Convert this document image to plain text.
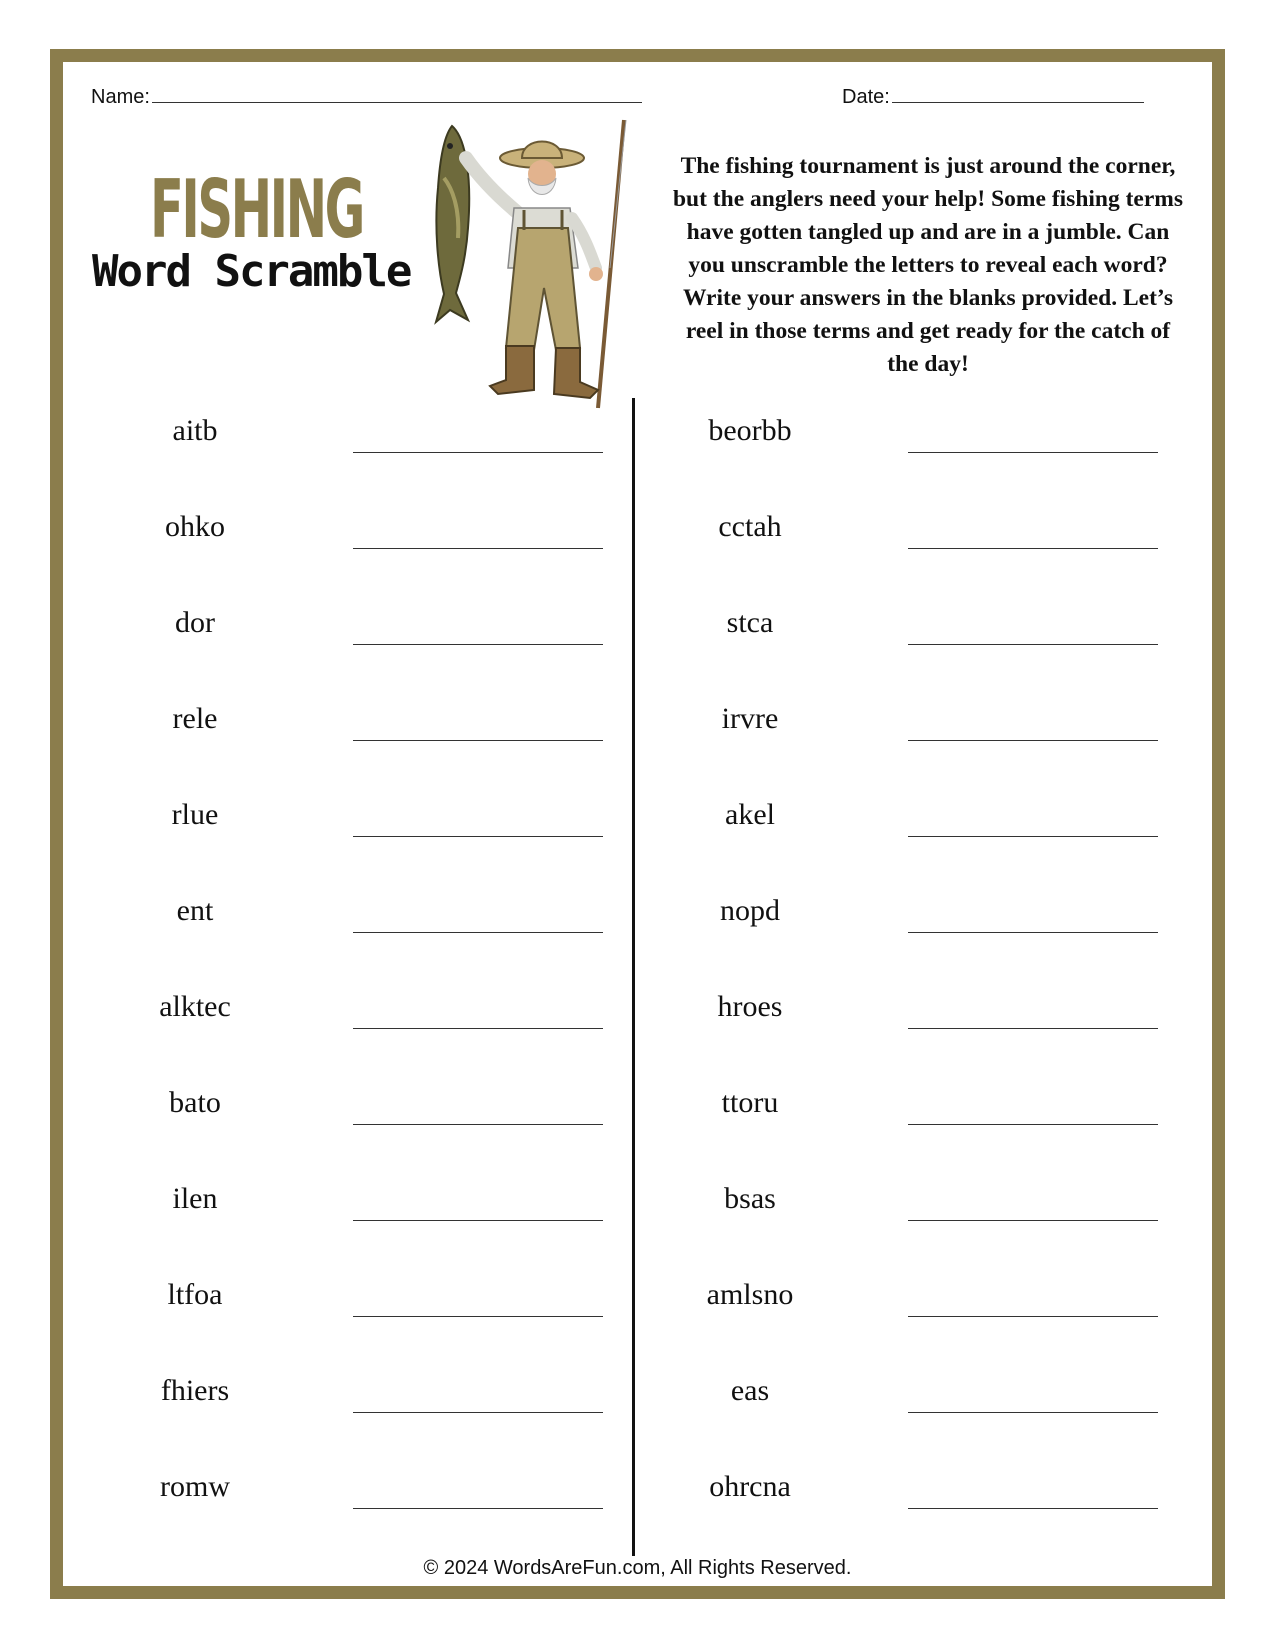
Name:	Date:
FISHING
Word Scramble
The fishing tournament is just around the corner, but the anglers need your help! Some fishing terms have gotten tangled up and are in a jumble. Can you unscramble the letters to reveal each word? Write your answers in the blanks provided. Let’s reel in those terms and get ready for the catch of the day!
aitb
ohko
dor
rele
rlue
ent
alktec
bato
ilen
ltfoa
fhiers
romw
beorbb
cctah
stca
irvre
akel
nopd
hroes
ttoru
bsas
amlsno
eas
ohrcna
© 2024 WordsAreFun.com, All Rights Reserved.
